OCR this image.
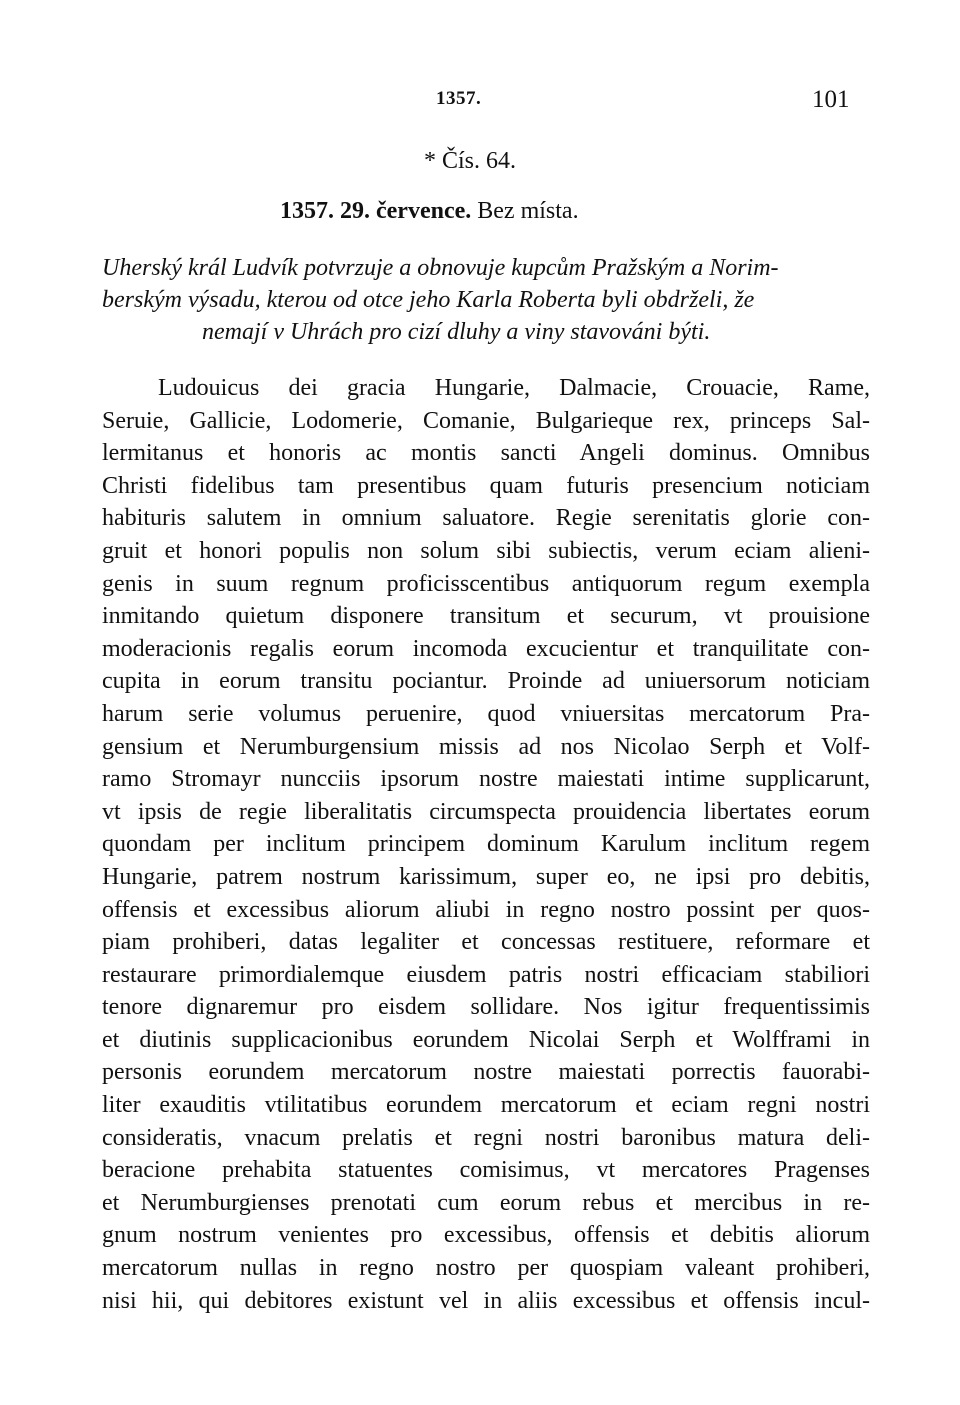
1357.	101
* Čís. 64.
1357. 29. července. Bez místa.
Uherský král Ludvík potvrzuje a obnovuje kupcům Pražským a Norim-
berským výsadu, kterou od otce jeho Karla Roberta byli obdrželi, že
nemají v Uhrách pro cizí dluhy a viny stavováni býti.
Ludouicus dei gracia Hungarie, Dalmacie, Crouacie, Rame,
Seruie, Gallicie, Lodomerie, Comanie, Bulgarieque rex, princeps Sal-
lermitanus et honoris ac montis sancti Angeli dominus. Omnibus
Christi fidelibus tam presentibus quam futuris presencium noticiam
habituris salutem in omnium saluatore. Regie serenitatis glorie con-
gruit et honori populis non solum sibi subiectis, verum eciam alieni-
genis in suum regnum proficisscentibus antiquorum regum exempla
inmitando quietum disponere transitum et securum, vt prouisione
moderacionis regalis eorum incomoda excucientur et tranquilitate con-
cupita in eorum transitu pociantur. Proinde ad uniuersorum noticiam
harum serie volumus peruenire, quod vniuersitas mercatorum Pra-
gensium et Nerumburgensium missis ad nos Nicolao Serph et Volf-
ramo Stromayr nuncciis ipsorum nostre maiestati intime supplicarunt,
vt ipsis de regie liberalitatis circumspecta prouidencia libertates eorum
quondam per inclitum principem dominum Karulum inclitum regem
Hungarie, patrem nostrum karissimum, super eo, ne ipsi pro debitis,
offensis et excessibus aliorum aliubi in regno nostro possint per quos-
piam prohiberi, datas legaliter et concessas restituere, reformare et
restaurare primordialemque eiusdem patris nostri efficaciam stabiliori
tenore dignaremur pro eisdem sollidare. Nos igitur frequentissimis
et diutinis supplicacionibus eorundem Nicolai Serph et Wolfframi in
personis eorundem mercatorum nostre maiestati porrectis fauorabi-
liter exauditis vtilitatibus eorundem mercatorum et eciam regni nostri
consideratis, vnacum prelatis et regni nostri baronibus matura deli-
beracione prehabita statuentes comisimus, vt mercatores Pragenses
et Nerumburgienses prenotati cum eorum rebus et mercibus in re-
gnum nostrum venientes pro excessibus, offensis et debitis aliorum
mercatorum nullas in regno nostro per quospiam valeant prohiberi,
nisi hii, qui debitores existunt vel in aliis excessibus et offensis incul-
